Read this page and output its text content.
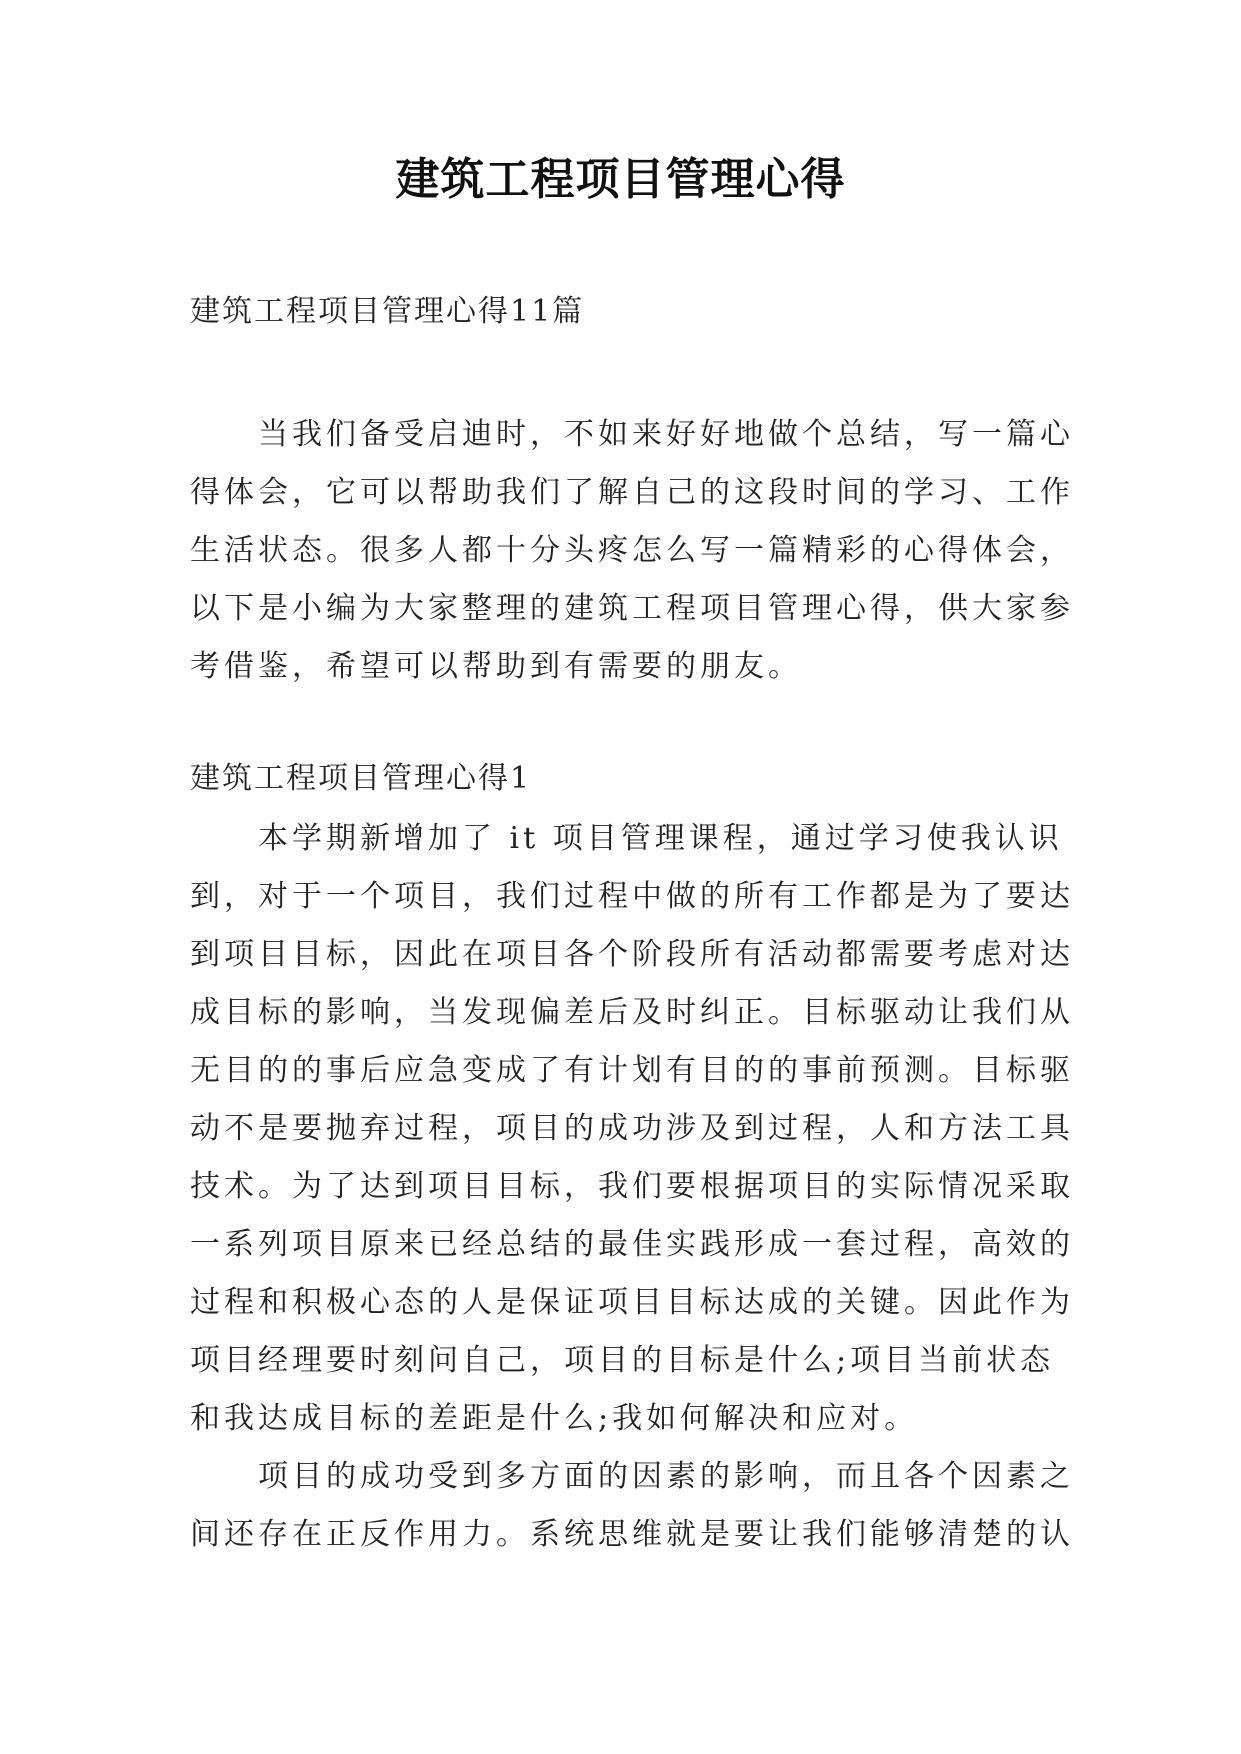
建筑工程项目管理心得
建筑工程项目管理心得11篇
当我们备受启迪时，不如来好好地做个总结，写一篇心
得体会，它可以帮助我们了解自己的这段时间的学习、工作
生活状态。很多人都十分头疼怎么写一篇精彩的心得体会，
以下是小编为大家整理的建筑工程项目管理心得，供大家参
考借鉴，希望可以帮助到有需要的朋友。
建筑工程项目管理心得1
本学期新增加了 it 项目管理课程，通过学习使我认识
到，对于一个项目，我们过程中做的所有工作都是为了要达
到项目目标，因此在项目各个阶段所有活动都需要考虑对达
成目标的影响，当发现偏差后及时纠正。目标驱动让我们从
无目的的事后应急变成了有计划有目的的事前预测。目标驱
动不是要抛弃过程，项目的成功涉及到过程，人和方法工具
技术。为了达到项目目标，我们要根据项目的实际情况采取
一系列项目原来已经总结的最佳实践形成一套过程，高效的
过程和积极心态的人是保证项目目标达成的关键。因此作为
项目经理要时刻问自己，项目的目标是什么;项目当前状态
和我达成目标的差距是什么;我如何解决和应对。
项目的成功受到多方面的因素的影响，而且各个因素之
间还存在正反作用力。系统思维就是要让我们能够清楚的认
